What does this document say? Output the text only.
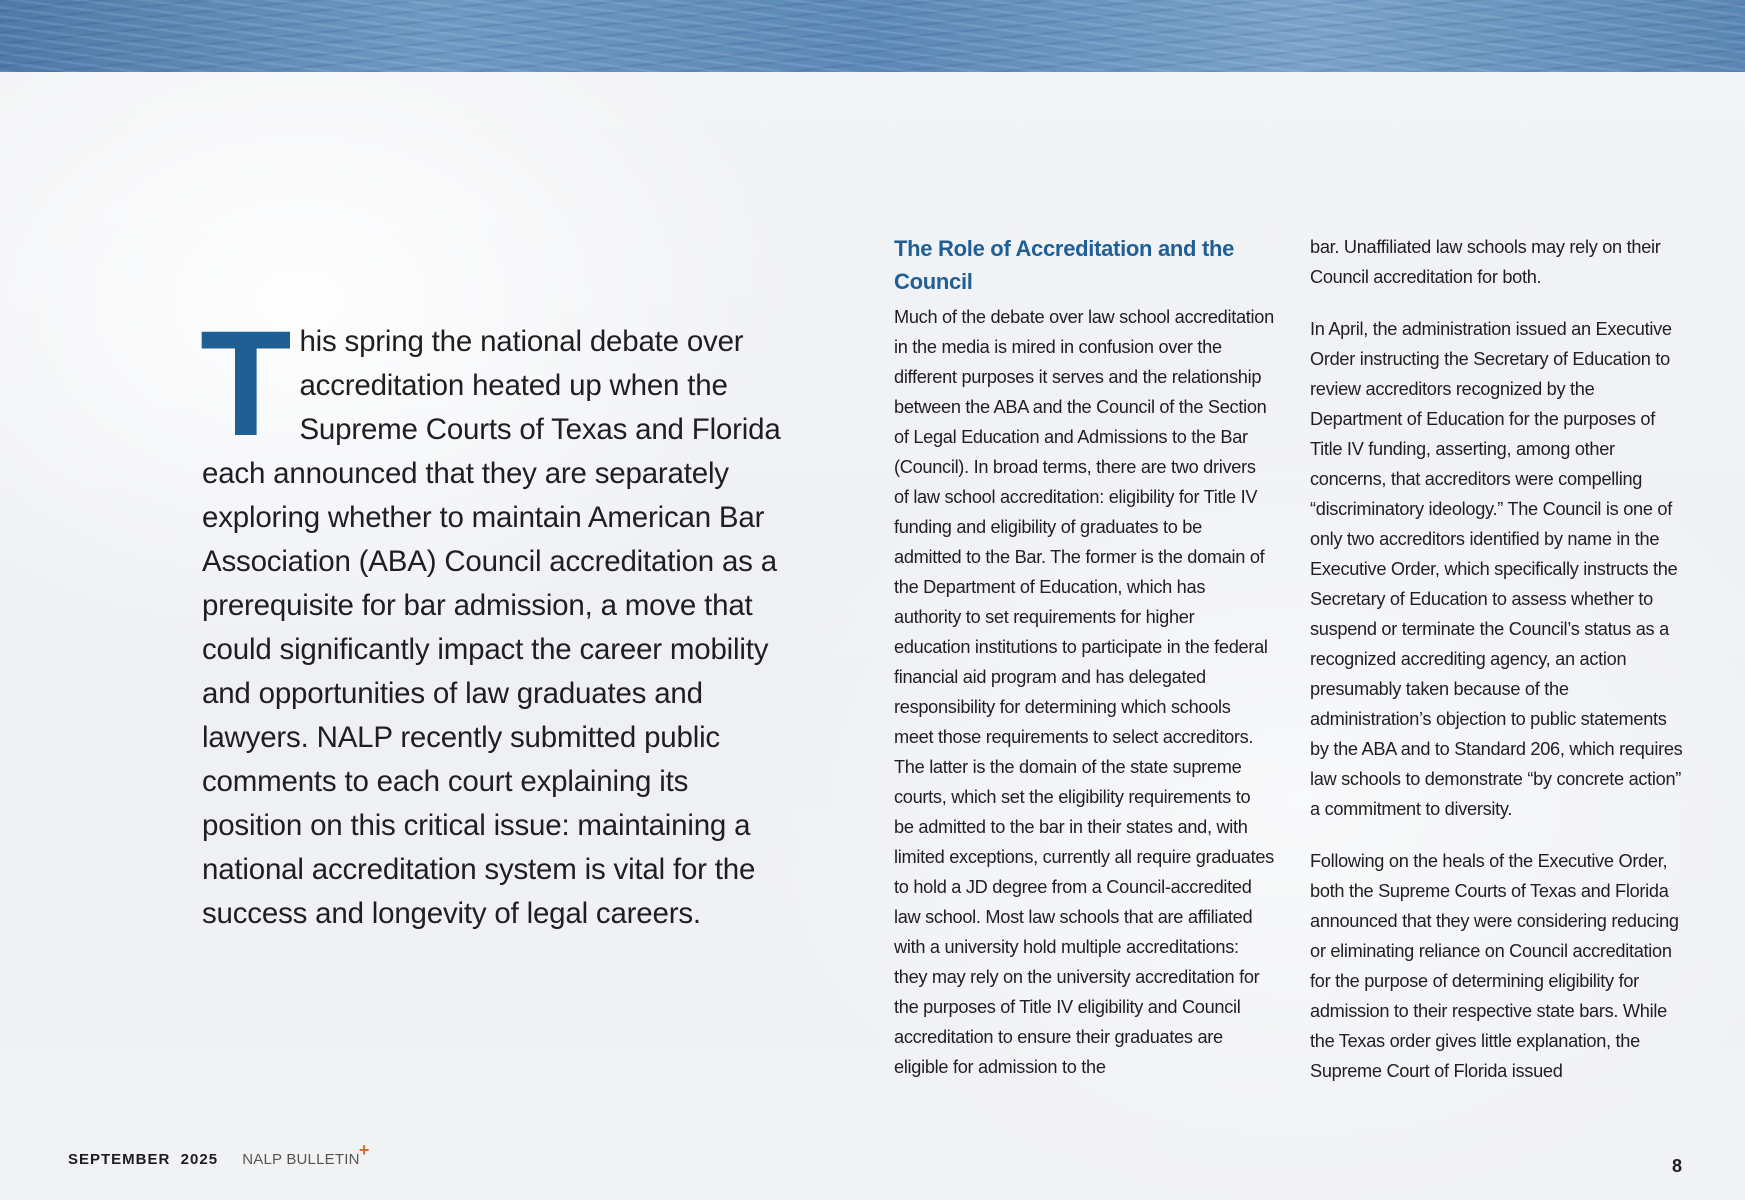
This spring the national debate over accreditation heated up when the Supreme Courts of Texas and Florida each announced that they are separately exploring whether to maintain American Bar Association (ABA) Council accreditation as a prerequisite for bar admission, a move that could significantly impact the career mobility and opportunities of law graduates and lawyers. NALP recently submitted public comments to each court explaining its position on this critical issue: maintaining a national accreditation system is vital for the success and longevity of legal careers.
The Role of Accreditation and the Council

Much of the debate over law school accreditation in the media is mired in confusion over the different purposes it serves and the relationship between the ABA and the Council of the Section of Legal Education and Admissions to the Bar (Council). In broad terms, there are two drivers of law school accreditation: eligibility for Title IV funding and eligibility of graduates to be admitted to the Bar. The former is the domain of the Department of Education, which has authority to set requirements for higher education institutions to participate in the federal financial aid program and has delegated responsibility for determining which schools meet those requirements to select accreditors. The latter is the domain of the state supreme courts, which set the eligibility requirements to be admitted to the bar in their states and, with limited exceptions, currently all require graduates to hold a JD degree from a Council-accredited law school. Most law schools that are affiliated with a university hold multiple accreditations: they may rely on the university accreditation for the purposes of Title IV eligibility and Council accreditation to ensure their graduates are eligible for admission to the

bar. Unaffiliated law schools may rely on their Council accreditation for both.

In April, the administration issued an Executive Order instructing the Secretary of Education to review accreditors recognized by the Department of Education for the purposes of Title IV funding, asserting, among other concerns, that accreditors were compelling “discriminatory ideology.” The Council is one of only two accreditors identified by name in the Executive Order, which specifically instructs the Secretary of Education to assess whether to suspend or terminate the Council’s status as a recognized accrediting agency, an action presumably taken because of the administration’s objection to public statements by the ABA and to Standard 206, which requires law schools to demonstrate “by concrete action” a commitment to diversity.

Following on the heals of the Executive Order, both the Supreme Courts of Texas and Florida announced that they were considering reducing or eliminating reliance on Council accreditation for the purpose of determining eligibility for admission to their respective state bars. While the Texas order gives little explanation, the Supreme Court of Florida issued

SEPTEMBER  2025 NALP BULLETIN +
8
